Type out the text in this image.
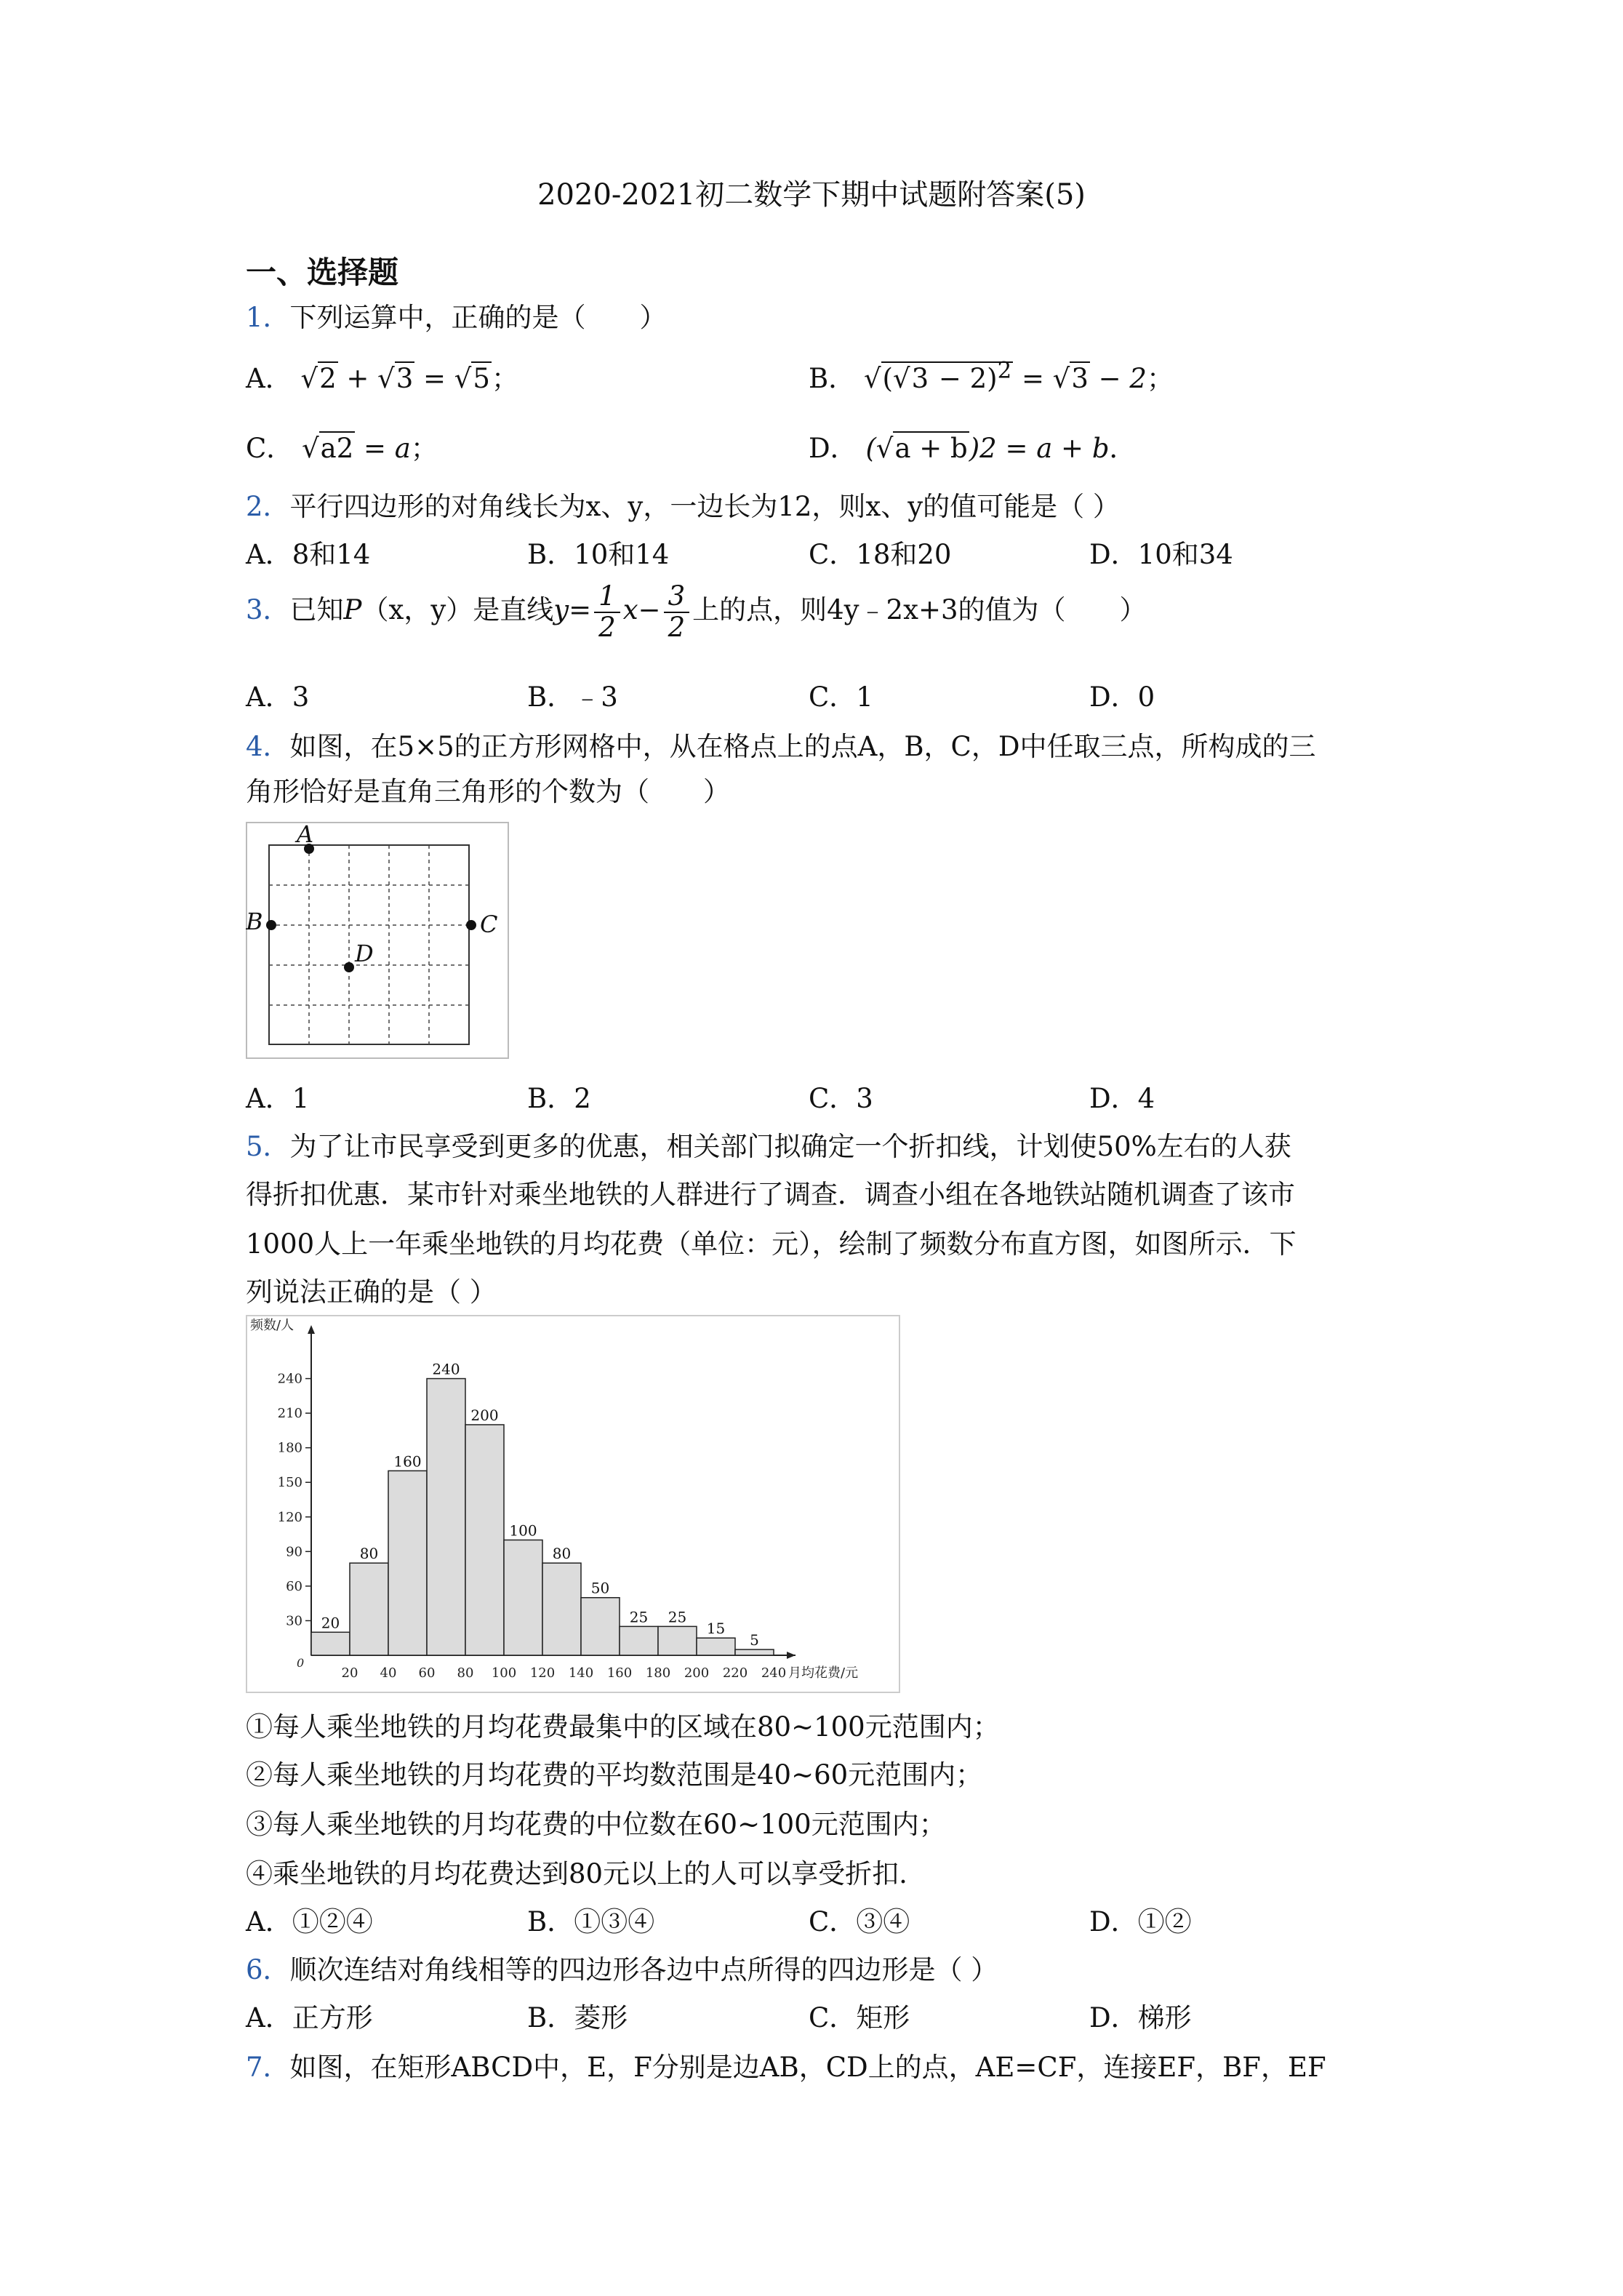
2020-2021初二数学下期中试题附答案(5)
一、选择题
1．下列运算中，正确的是（　　）
A． √2 + √3 = √5；	B． $√(√3 - 2)^2 = √3 - 2$；
C． √a2 = a；	D． (√a + b)2 = a + b．
2．平行四边形的对角线长为x、y，一边长为12，则x、y的值可能是（ ）
A．8和14	B．10和14	C．18和20	D．10和34
3．已知P（x，y）是直线$y= \frac{1}{2} x- \frac{3}{2}$ 上的点，则4y﹣2x+3的值为（　　）
A．3	B．﹣3	C．1	D．0
4．如图，在5×5的正方形网格中，从在格点上的点A，B，C，D中任取三点，所构成的三
角形恰好是直角三角形的个数为（　　）
A
B	C
D
A．1	B．2	C．3	D．4
5．为了让市民享受到更多的优惠，相关部门拟确定一个折扣线，计划使50%左右的人获
得折扣优惠．某市针对乘坐地铁的人群进行了调查．调查小组在各地铁站随机调查了该市
1000人上一年乘坐地铁的月均花费（单位：元），绘制了频数分布直方图，如图所示．下
列说法正确的是（ ）
30
60
90
120
150
180
210
240
0
频数/人
20
80
160
240
200
100
80
50
25 25
15
5
20 40 60 80 100 120 140 160 180 200 220 240 月均花费/元
①每人乘坐地铁的月均花费最集中的区域在80~100元范围内；
②每人乘坐地铁的月均花费的平均数范围是40~60元范围内；
③每人乘坐地铁的月均花费的中位数在60~100元范围内；
④乘坐地铁的月均花费达到80元以上的人可以享受折扣.
A．①②④	B．①③④	C．③④	D．①②
6．顺次连结对角线相等的四边形各边中点所得的四边形是（ ）
A．正方形	B．菱形	C．矩形	D．梯形
7．如图，在矩形ABCD中，E，F分别是边AB，CD上的点，AE=CF，连接EF，BF，EF
